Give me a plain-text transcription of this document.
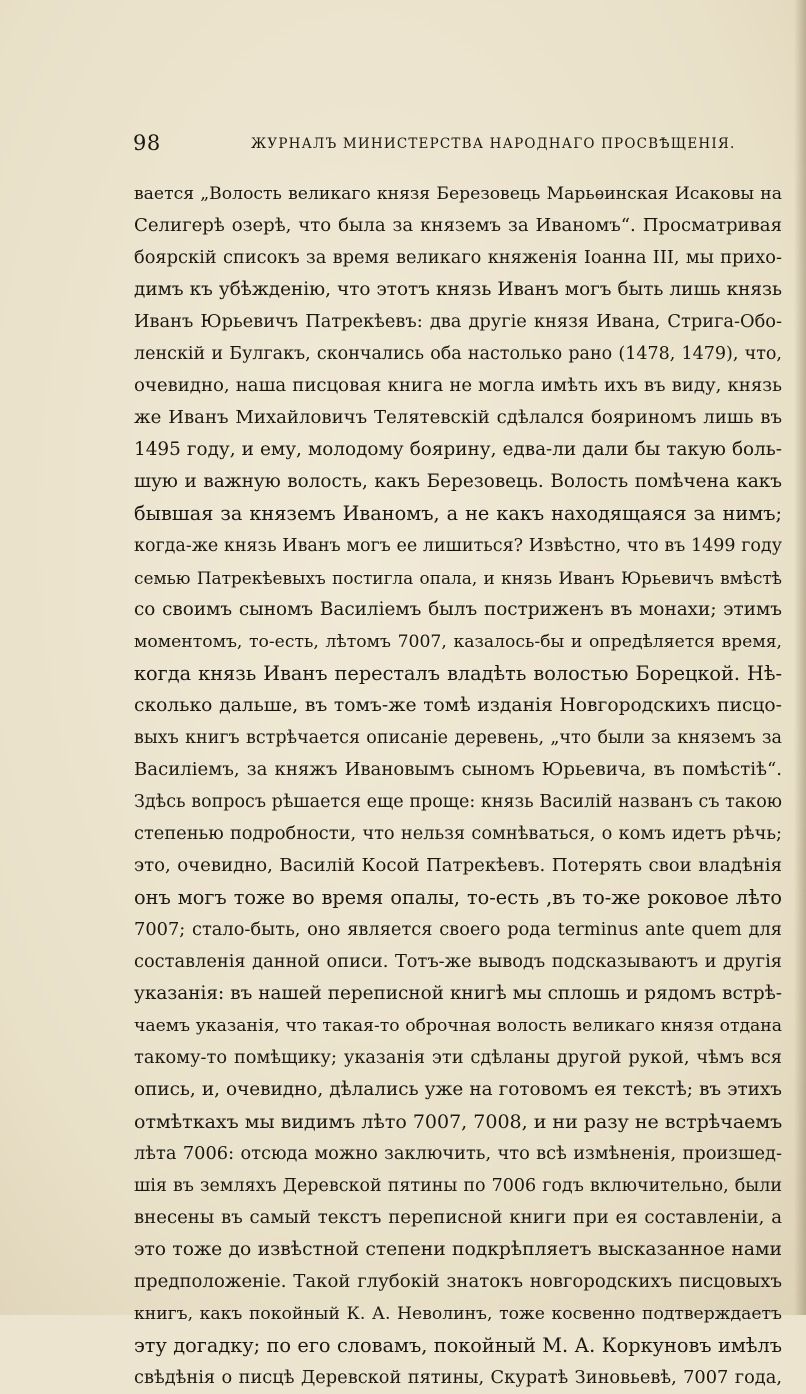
98	ЖУРНАЛЪ МИНИСТЕРСТВА НАРОДНАГО ПРОСВѢЩЕНІЯ.
вается „Волость великаго князя Березовець Марьѳинская Исаковы на
Селигерѣ озерѣ, что была за княземъ за Иваномъ“. Просматривая
боярскій списокъ за время великаго княженія Іоанна III, мы прихо-
димъ къ убѣжденію, что этотъ князь Иванъ могъ быть лишь князь
Иванъ Юрьевичъ Патрекѣевъ: два другіе князя Ивана, Стрига-Обо-
ленскій и Булгакъ, скончались оба настолько рано (1478, 1479), что,
очевидно, наша писцовая книга не могла имѣть ихъ въ виду, князь
же Иванъ Михайловичъ Телятевскій сдѣлался бояриномъ лишь въ
1495 году, и ему, молодому боярину, едва-ли дали бы такую боль-
шую и важную волость, какъ Березовець. Волость помѣчена какъ
бывшая за княземъ Иваномъ, а не какъ находящаяся за нимъ;
когда-же князь Иванъ могъ ее лишиться? Извѣстно, что въ 1499 году
семью Патрекѣевыхъ постигла опала, и князь Иванъ Юрьевичъ вмѣстѣ
со своимъ сыномъ Василіемъ былъ постриженъ въ монахи; этимъ
моментомъ, то-есть, лѣтомъ 7007, казалось-бы и опредѣляется время,
когда князь Иванъ пересталъ владѣть волостью Борецкой. Нѣ-
сколько дальше, въ томъ-же томѣ изданія Новгородскихъ писцо-
выхъ книгъ встрѣчается описаніе деревень, „что были за княземъ за
Василіемъ, за княжъ Ивановымъ сыномъ Юрьевича, въ помѣстіѣ“.
Здѣсь вопросъ рѣшается еще проще: князь Василій названъ съ такою
степенью подробности, что нельзя сомнѣваться, о комъ идетъ рѣчь;
это, очевидно, Василій Косой Патрекѣевъ. Потерять свои владѣнія
онъ могъ тоже во время опалы, то-есть ,въ то-же роковое лѣто
7007; стало-быть, оно является своего рода terminus ante quem для
составленія данной описи. Тотъ-же выводъ подсказываютъ и другія
указанія: въ нашей переписной книгѣ мы сплошь и рядомъ встрѣ-
чаемъ указанія, что такая-то оброчная волость великаго князя отдана
такому-то помѣщику; указанія эти сдѣланы другой рукой, чѣмъ вся
опись, и, очевидно, дѣлались уже на готовомъ ея текстѣ; въ этихъ
отмѣткахъ мы видимъ лѣто 7007, 7008, и ни разу не встрѣчаемъ
лѣта 7006: отсюда можно заключить, что всѣ измѣненія, произшед-
шія въ земляхъ Деревской пятины по 7006 годъ включительно, были
внесены въ самый текстъ переписной книги при ея составленіи, а
это тоже до извѣстной степени подкрѣпляетъ высказанное нами
предположеніе. Такой глубокій знатокъ новгородскихъ писцовыхъ
книгъ, какъ покойный К. А. Неволинъ, тоже косвенно подтверждаетъ
эту догадку; по его словамъ, покойный М. А. Коркуновъ имѣлъ
свѣдѣнія о писцѣ Деревской пятины, Скуратѣ Зиновьевѣ, 7007 года,
